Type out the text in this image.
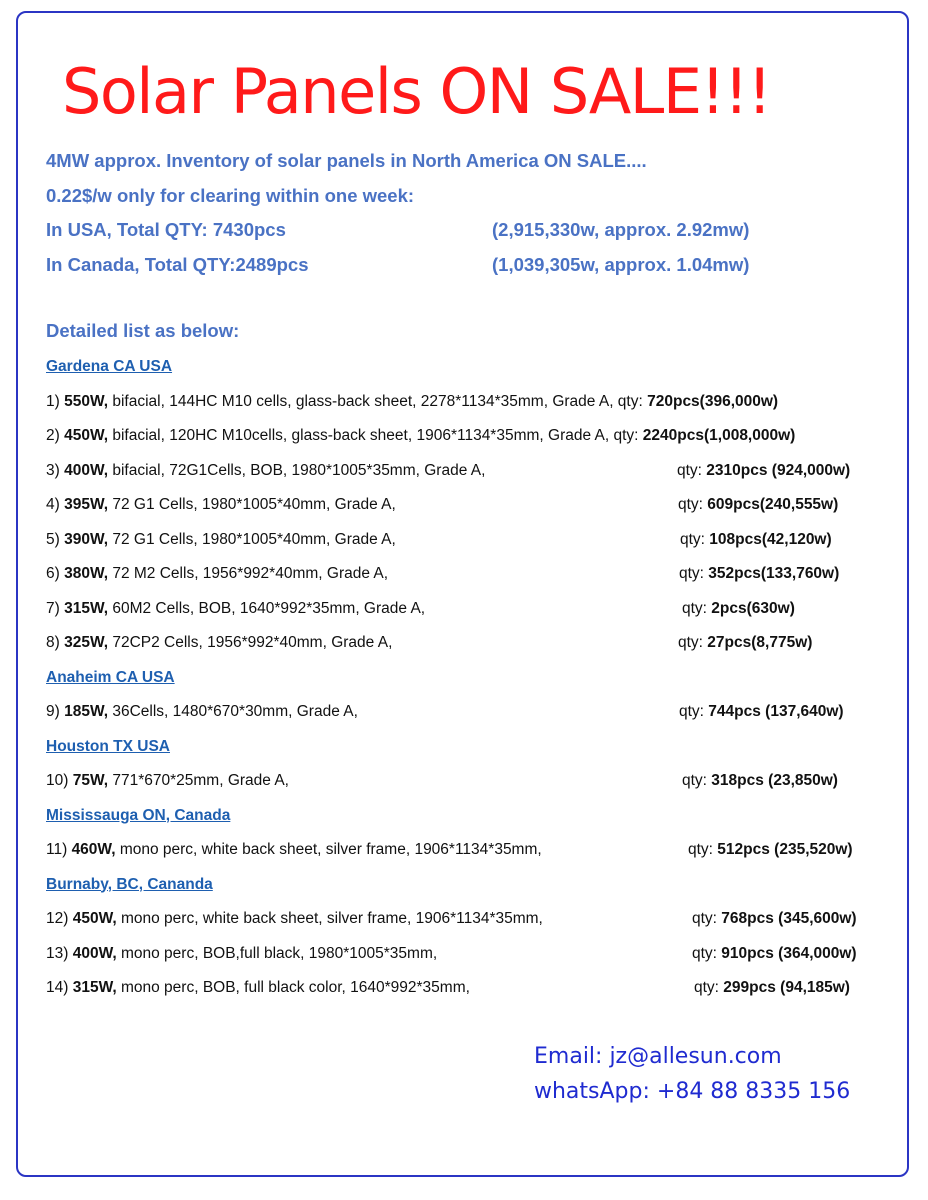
Solar Panels ON SALE!!!
4MW approx. Inventory of solar panels in North America ON SALE....
0.22$/w only for clearing within one week:
In USA, Total QTY: 7430pcs	(2,915,330w, approx. 2.92mw)
In Canada, Total QTY:2489pcs	(1,039,305w, approx. 1.04mw)
Detailed list as below:
Gardena CA USA
1) 550W, bifacial, 144HC M10 cells, glass-back sheet, 2278*1134*35mm, Grade A, qty: 720pcs(396,000w)
2) 450W, bifacial, 120HC M10cells, glass-back sheet, 1906*1134*35mm, Grade A, qty: 2240pcs(1,008,000w)
3) 400W, bifacial, 72G1Cells, BOB, 1980*1005*35mm, Grade A,	qty: 2310pcs (924,000w)
4) 395W, 72 G1 Cells, 1980*1005*40mm, Grade A,	qty: 609pcs(240,555w)
5) 390W, 72 G1 Cells, 1980*1005*40mm, Grade A,	qty: 108pcs(42,120w)
6) 380W, 72 M2 Cells, 1956*992*40mm, Grade A,	qty: 352pcs(133,760w)
7) 315W, 60M2 Cells, BOB, 1640*992*35mm, Grade A,	qty: 2pcs(630w)
8) 325W, 72CP2 Cells, 1956*992*40mm, Grade A,	qty: 27pcs(8,775w)
Anaheim CA USA
9) 185W, 36Cells, 1480*670*30mm, Grade A,	qty: 744pcs (137,640w)
Houston TX USA
10) 75W, 771*670*25mm, Grade A,	qty: 318pcs (23,850w)
Mississauga ON, Canada
11) 460W, mono perc, white back sheet, silver frame, 1906*1134*35mm,	qty: 512pcs (235,520w)
Burnaby, BC, Cananda
12) 450W, mono perc, white back sheet, silver frame, 1906*1134*35mm,	qty: 768pcs (345,600w)
13) 400W, mono perc, BOB,full black, 1980*1005*35mm,	qty: 910pcs (364,000w)
14) 315W, mono perc, BOB, full black color, 1640*992*35mm,	qty: 299pcs (94,185w)
Email: jz@allesun.com
whatsApp: +84 88 8335 156
